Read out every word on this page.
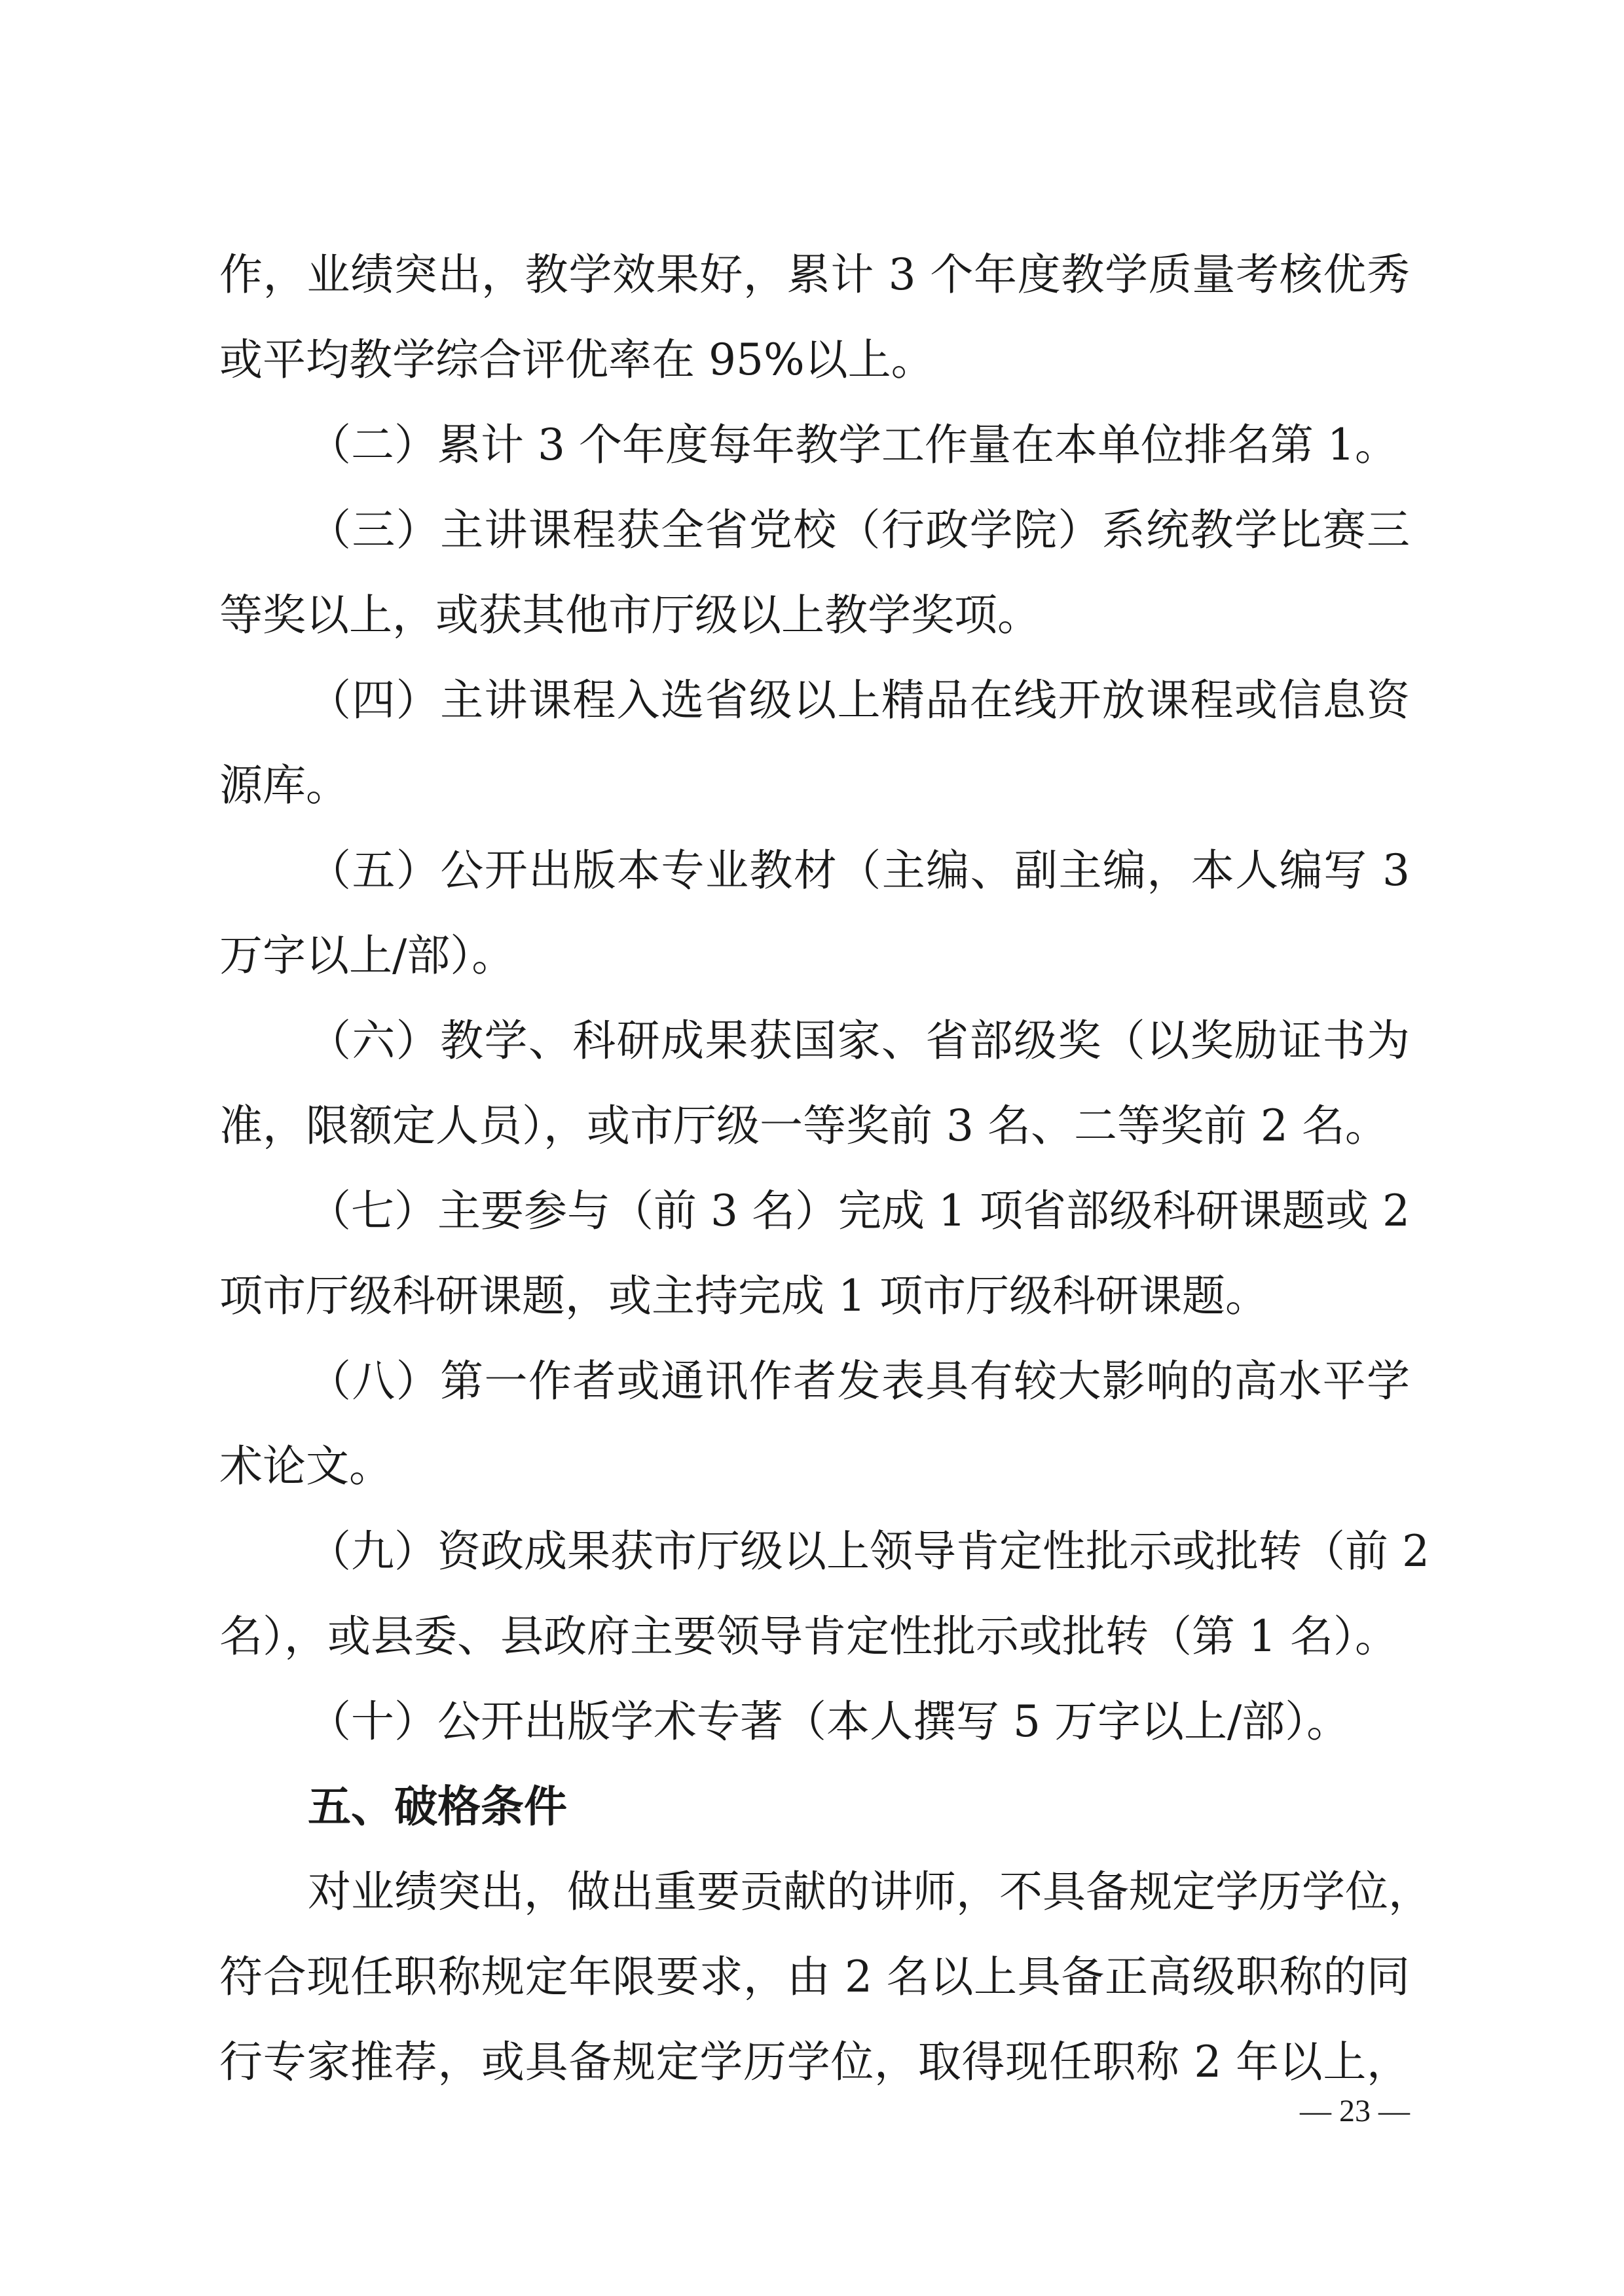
作，业绩突出，教学效果好，累计 3 个年度教学质量考核优秀
或平均教学综合评优率在 95%以上。
（二）累计 3 个年度每年教学工作量在本单位排名第 1。
（三）主讲课程获全省党校（行政学院）系统教学比赛三
等奖以上，或获其他市厅级以上教学奖项。
（四）主讲课程入选省级以上精品在线开放课程或信息资
源库。
（五）公开出版本专业教材（主编、副主编，本人编写 3
万字以上/部）。
（六）教学、科研成果获国家、省部级奖（以奖励证书为
准，限额定人员），或市厅级一等奖前 3 名、二等奖前 2 名。
（七）主要参与（前 3 名）完成 1 项省部级科研课题或 2
项市厅级科研课题，或主持完成 1 项市厅级科研课题。
（八）第一作者或通讯作者发表具有较大影响的高水平学
术论文。
（九）资政成果获市厅级以上领导肯定性批示或批转（前 2
名），或县委、县政府主要领导肯定性批示或批转（第 1 名）。
（十）公开出版学术专著（本人撰写 5 万字以上/部）。
五、破格条件
对业绩突出，做出重要贡献的讲师，不具备规定学历学位，
符合现任职称规定年限要求，由 2 名以上具备正高级职称的同
行专家推荐，或具备规定学历学位，取得现任职称 2 年以上，
— 23 —
